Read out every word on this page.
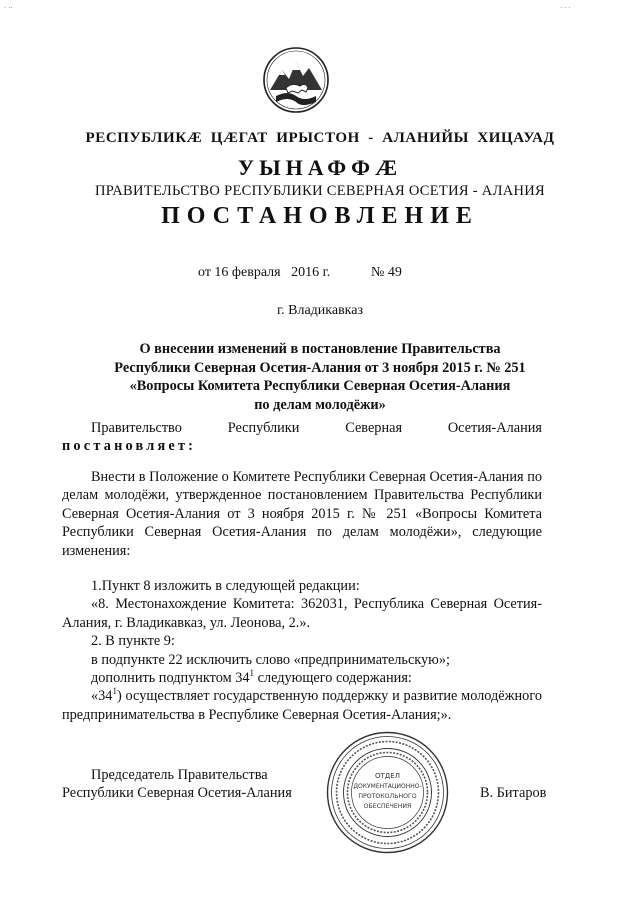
⋅ ⋅⋅	⋅ ⋅ ⋅
РЕСПУБЛИКӔ ЦӔГАТ ИРЫСТОН - АЛАНИЙЫ ХИЦАУАД
УЫНАФФӔ
ПРАВИТЕЛЬСТВО РЕСПУБЛИКИ СЕВЕРНАЯ ОСЕТИЯ - АЛАНИЯ
ПОСТАНОВЛЕНИЕ
от 16 февраля   2016 г.	№ 49
г. Владикавказ
О внесении изменений в постановление Правительства
Республики Северная Осетия-Алания от 3 ноября 2015 г. № 251
«Вопросы Комитета Республики Северная Осетия-Алания
по делам молодёжи»
Правительство	Республики	Северная	Осетия-Алания
постановляет:
Внести в Положение о Комитете Республики Северная Осетия-Алания по делам молодёжи, утвержденное постановлением Правительства Республики Северная Осетия-Алания от 3 ноября 2015 г. № 251 «Вопросы Комитета Республики Северная Осетия-Алания по делам молодёжи», следующие изменения:

1.Пункт 8 изложить в следующей редакции:

«8. Местонахождение Комитета: 362031, Республика Северная Осетия-Алания, г. Владикавказ, ул. Леонова, 2.».

2. В пункте 9:

в подпункте 22 исключить слово «предпринимательскую»;

дополнить подпунктом $34^1$ следующего содержания:

«$34^1$) осуществляет государственную поддержку и развитие молодёжного предпринимательства в Республике Северная Осетия-Алания;».

Председатель Правительства
Республики Северная Осетия-Алания	В. Битаров
ОТДЕЛ
ДОКУМЕНТАЦИОННО-
ПРОТОКОЛЬНОГО
ОБЕСПЕЧЕНИЯ
